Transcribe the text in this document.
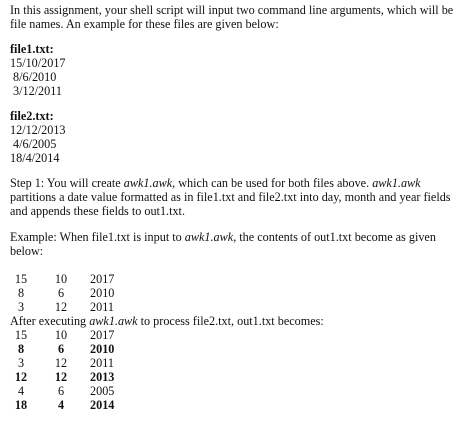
In this assignment, your shell script will input two command line arguments, which will be file names. An example for these files are given below:

file1.txt:

15/10/2017

8/6/2010

3/12/2011

file2.txt:

12/12/2013

4/6/2005

18/4/2014

Step 1: You will create awk1.awk, which can be used for both files above. awk1.awk partitions a date value formatted as in file1.txt and file2.txt into day, month and year fields and appends these fields to out1.txt.

Example: When file1.txt is input to awk1.awk, the contents of out1.txt become as given below:

15	10	2017
8	6	2010
3	12	2011

After executing awk1.awk to process file2.txt, out1.txt becomes:

15	10	2017
8	6	2010
3	12	2011
12	12	2013
4	6	2005
18	4	2014
